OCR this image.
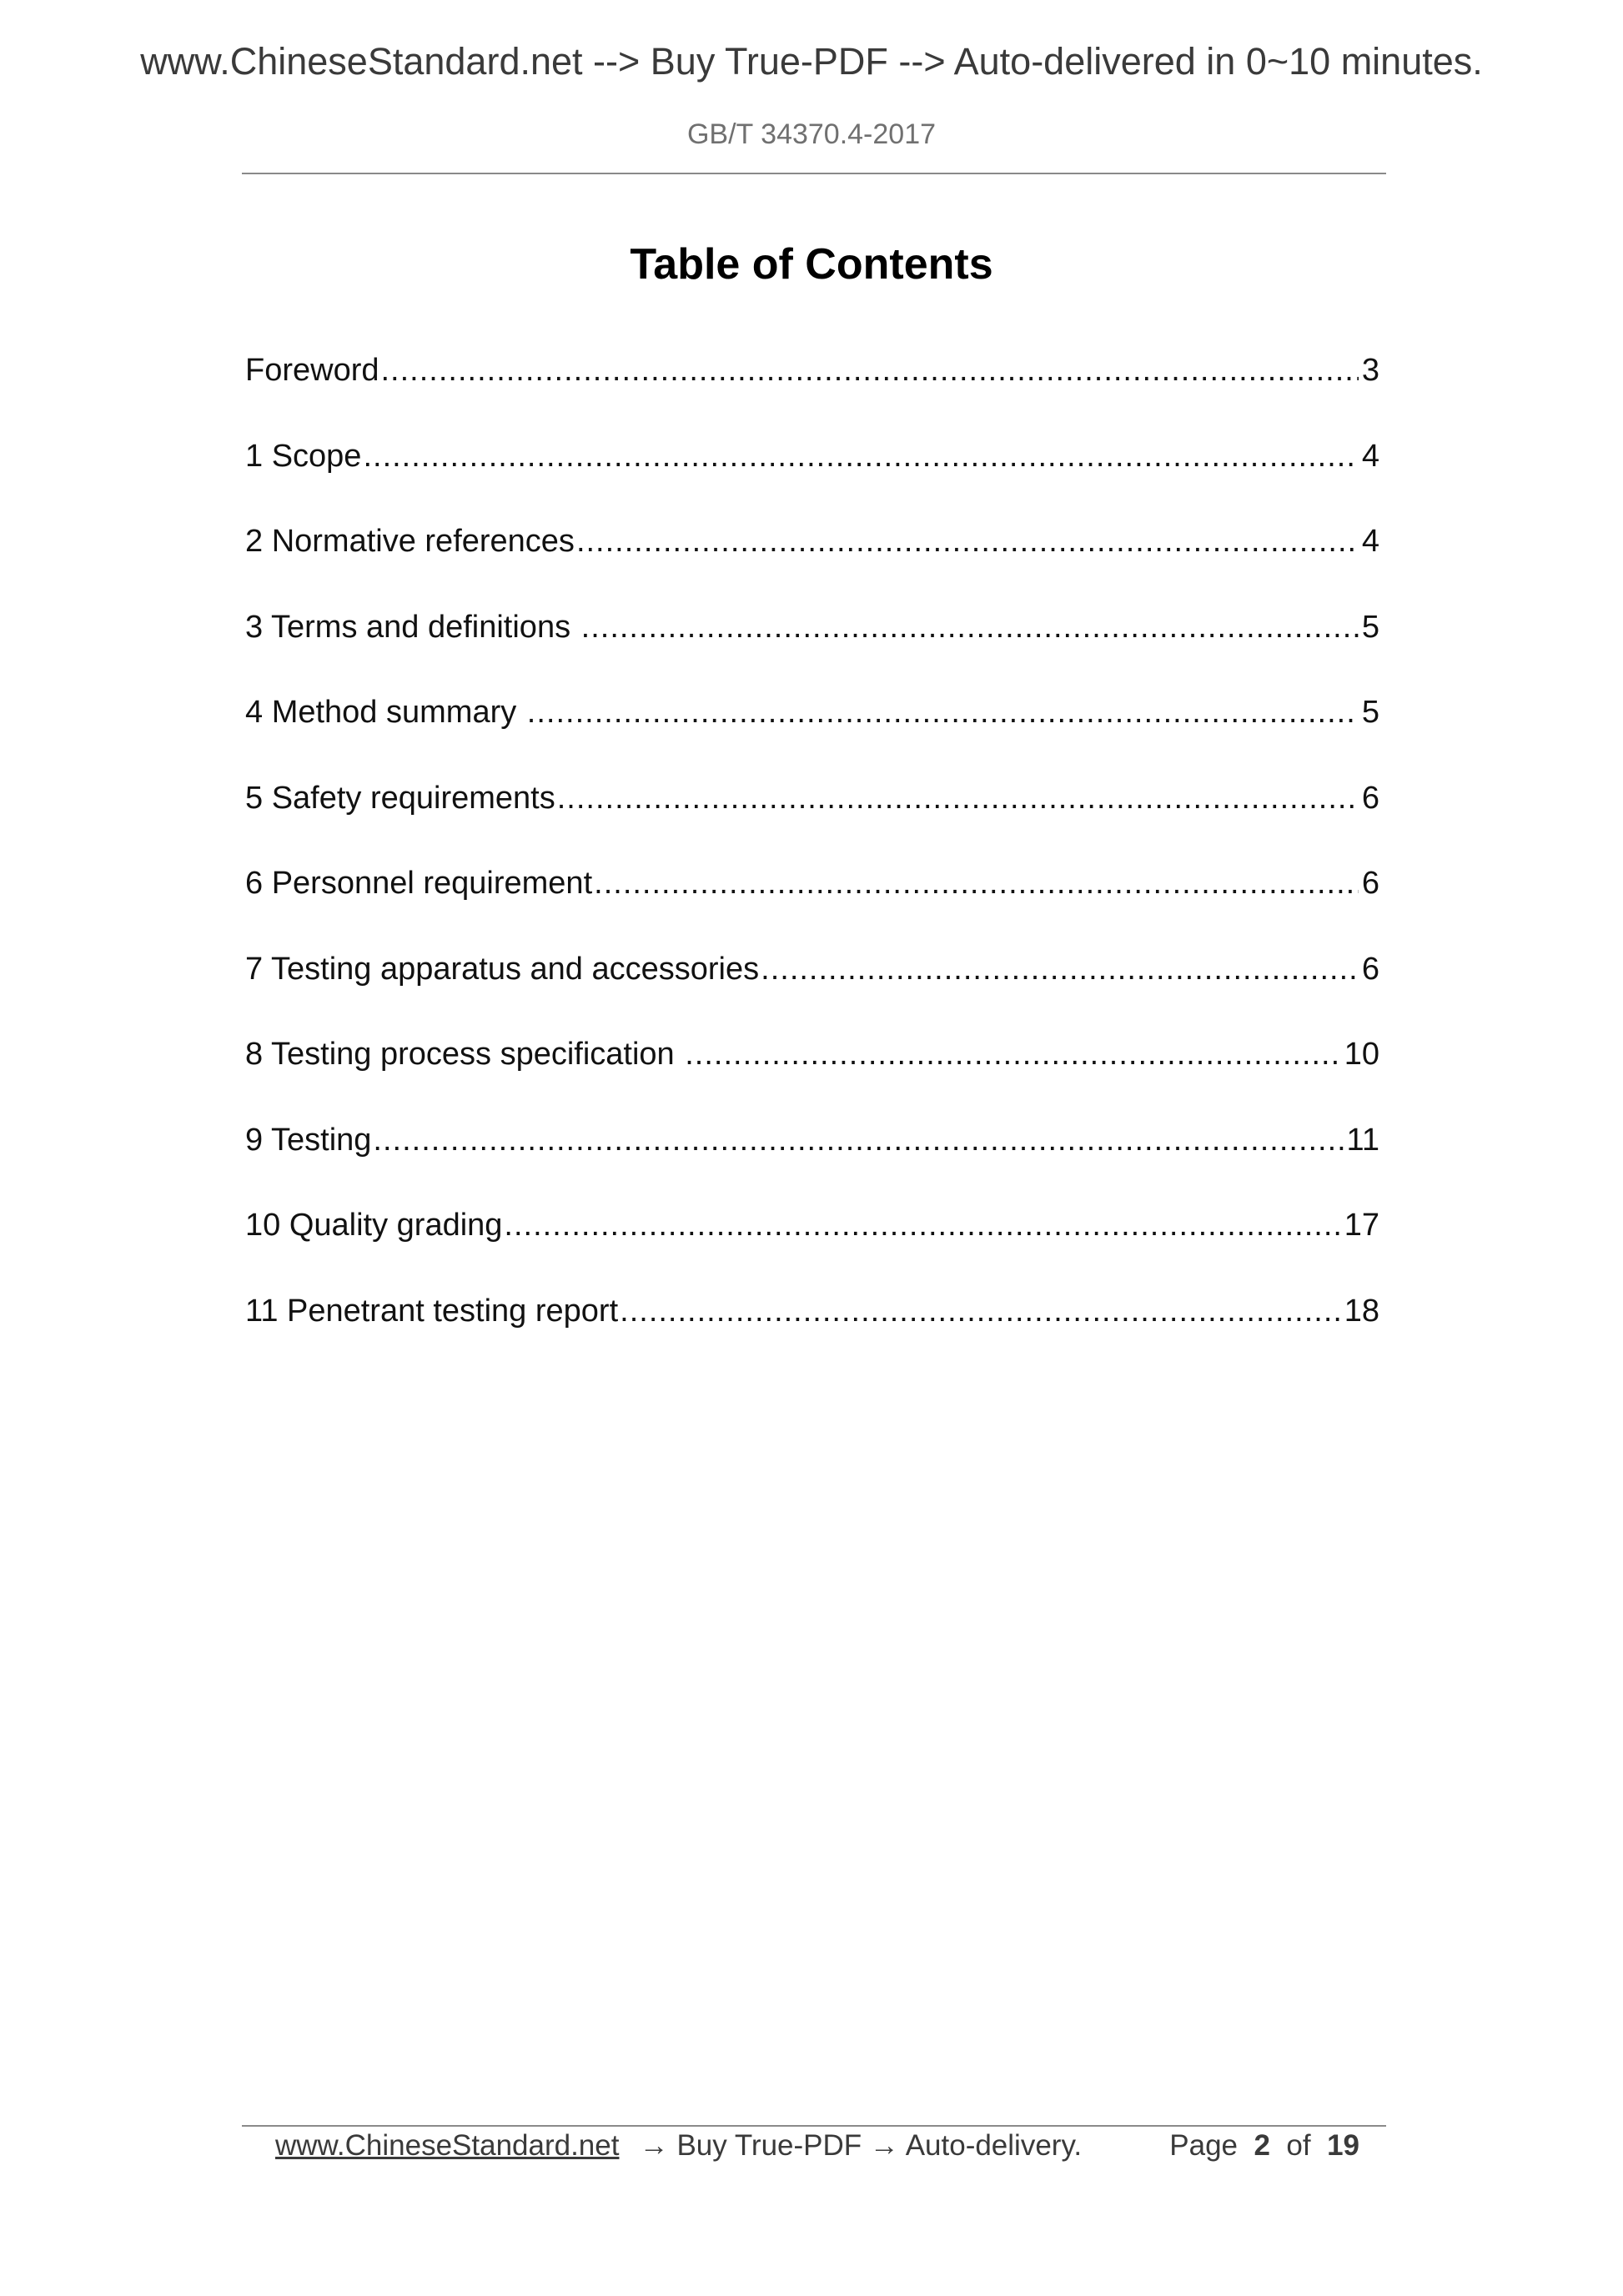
www.ChineseStandard.net --> Buy True-PDF --> Auto-delivered in 0~10 minutes.
GB/T 34370.4-2017
Table of Contents
Foreword .....	3
1 Scope .....	4
2 Normative references .....	4
3 Terms and definitions .....	5
4 Method summary .....	5
5 Safety requirements .....	6
6 Personnel requirement .....	6
7 Testing apparatus and accessories .....	6
8 Testing process specification .....	10
9 Testing .....	11
10 Quality grading .....	17
11 Penetrant testing report .....	18
www.ChineseStandard.net → Buy True-PDF → Auto-delivery.	Page 2 of 19
